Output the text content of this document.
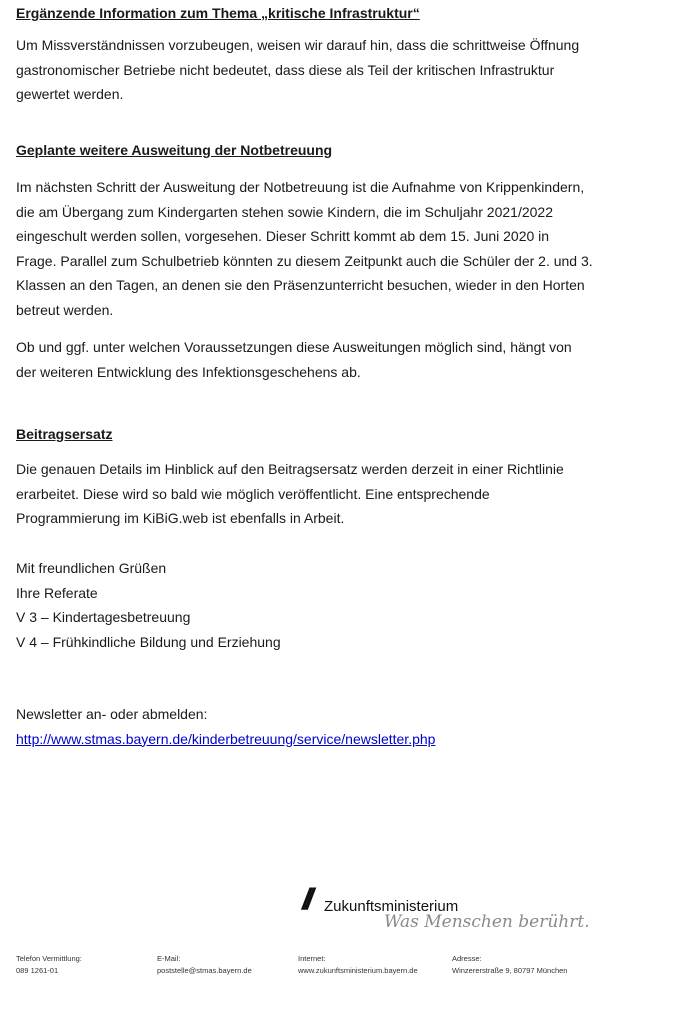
Ergänzende Information zum Thema „kritische Infrastruktur“

Um Missverständnissen vorzubeugen, weisen wir darauf hin, dass die schrittweise Öffnung
gastronomischer Betriebe nicht bedeutet, dass diese als Teil der kritischen Infrastruktur
gewertet werden.

Geplante weitere Ausweitung der Notbetreuung

Im nächsten Schritt der Ausweitung der Notbetreuung ist die Aufnahme von Krippenkindern,
die am Übergang zum Kindergarten stehen sowie Kindern, die im Schuljahr 2021/2022
eingeschult werden sollen, vorgesehen. Dieser Schritt kommt ab dem 15. Juni 2020 in
Frage. Parallel zum Schulbetrieb könnten zu diesem Zeitpunkt auch die Schüler der 2. und 3.
Klassen an den Tagen, an denen sie den Präsenzunterricht besuchen, wieder in den Horten
betreut werden.

Ob und ggf. unter welchen Voraussetzungen diese Ausweitungen möglich sind, hängt von
der weiteren Entwicklung des Infektionsgeschehens ab.

Beitragsersatz

Die genauen Details im Hinblick auf den Beitragsersatz werden derzeit in einer Richtlinie
erarbeitet. Diese wird so bald wie möglich veröffentlicht. Eine entsprechende
Programmierung im KiBiG.web ist ebenfalls in Arbeit.

Mit freundlichen Grüßen
Ihre Referate
V 3 – Kindertagesbetreuung
V 4 – Frühkindliche Bildung und Erziehung

Newsletter an- oder abmelden:
http://www.stmas.bayern.de/kinderbetreuung/service/newsletter.php

// Zukunftsministerium
Was Menschen berührt.
Telefon Vermittlung:
089 1261-01
E-Mail:
poststelle@stmas.bayern.de
Internet:
www.zukunftsministerium.bayern.de
Adresse:
Winzererstraße 9, 80797 München
